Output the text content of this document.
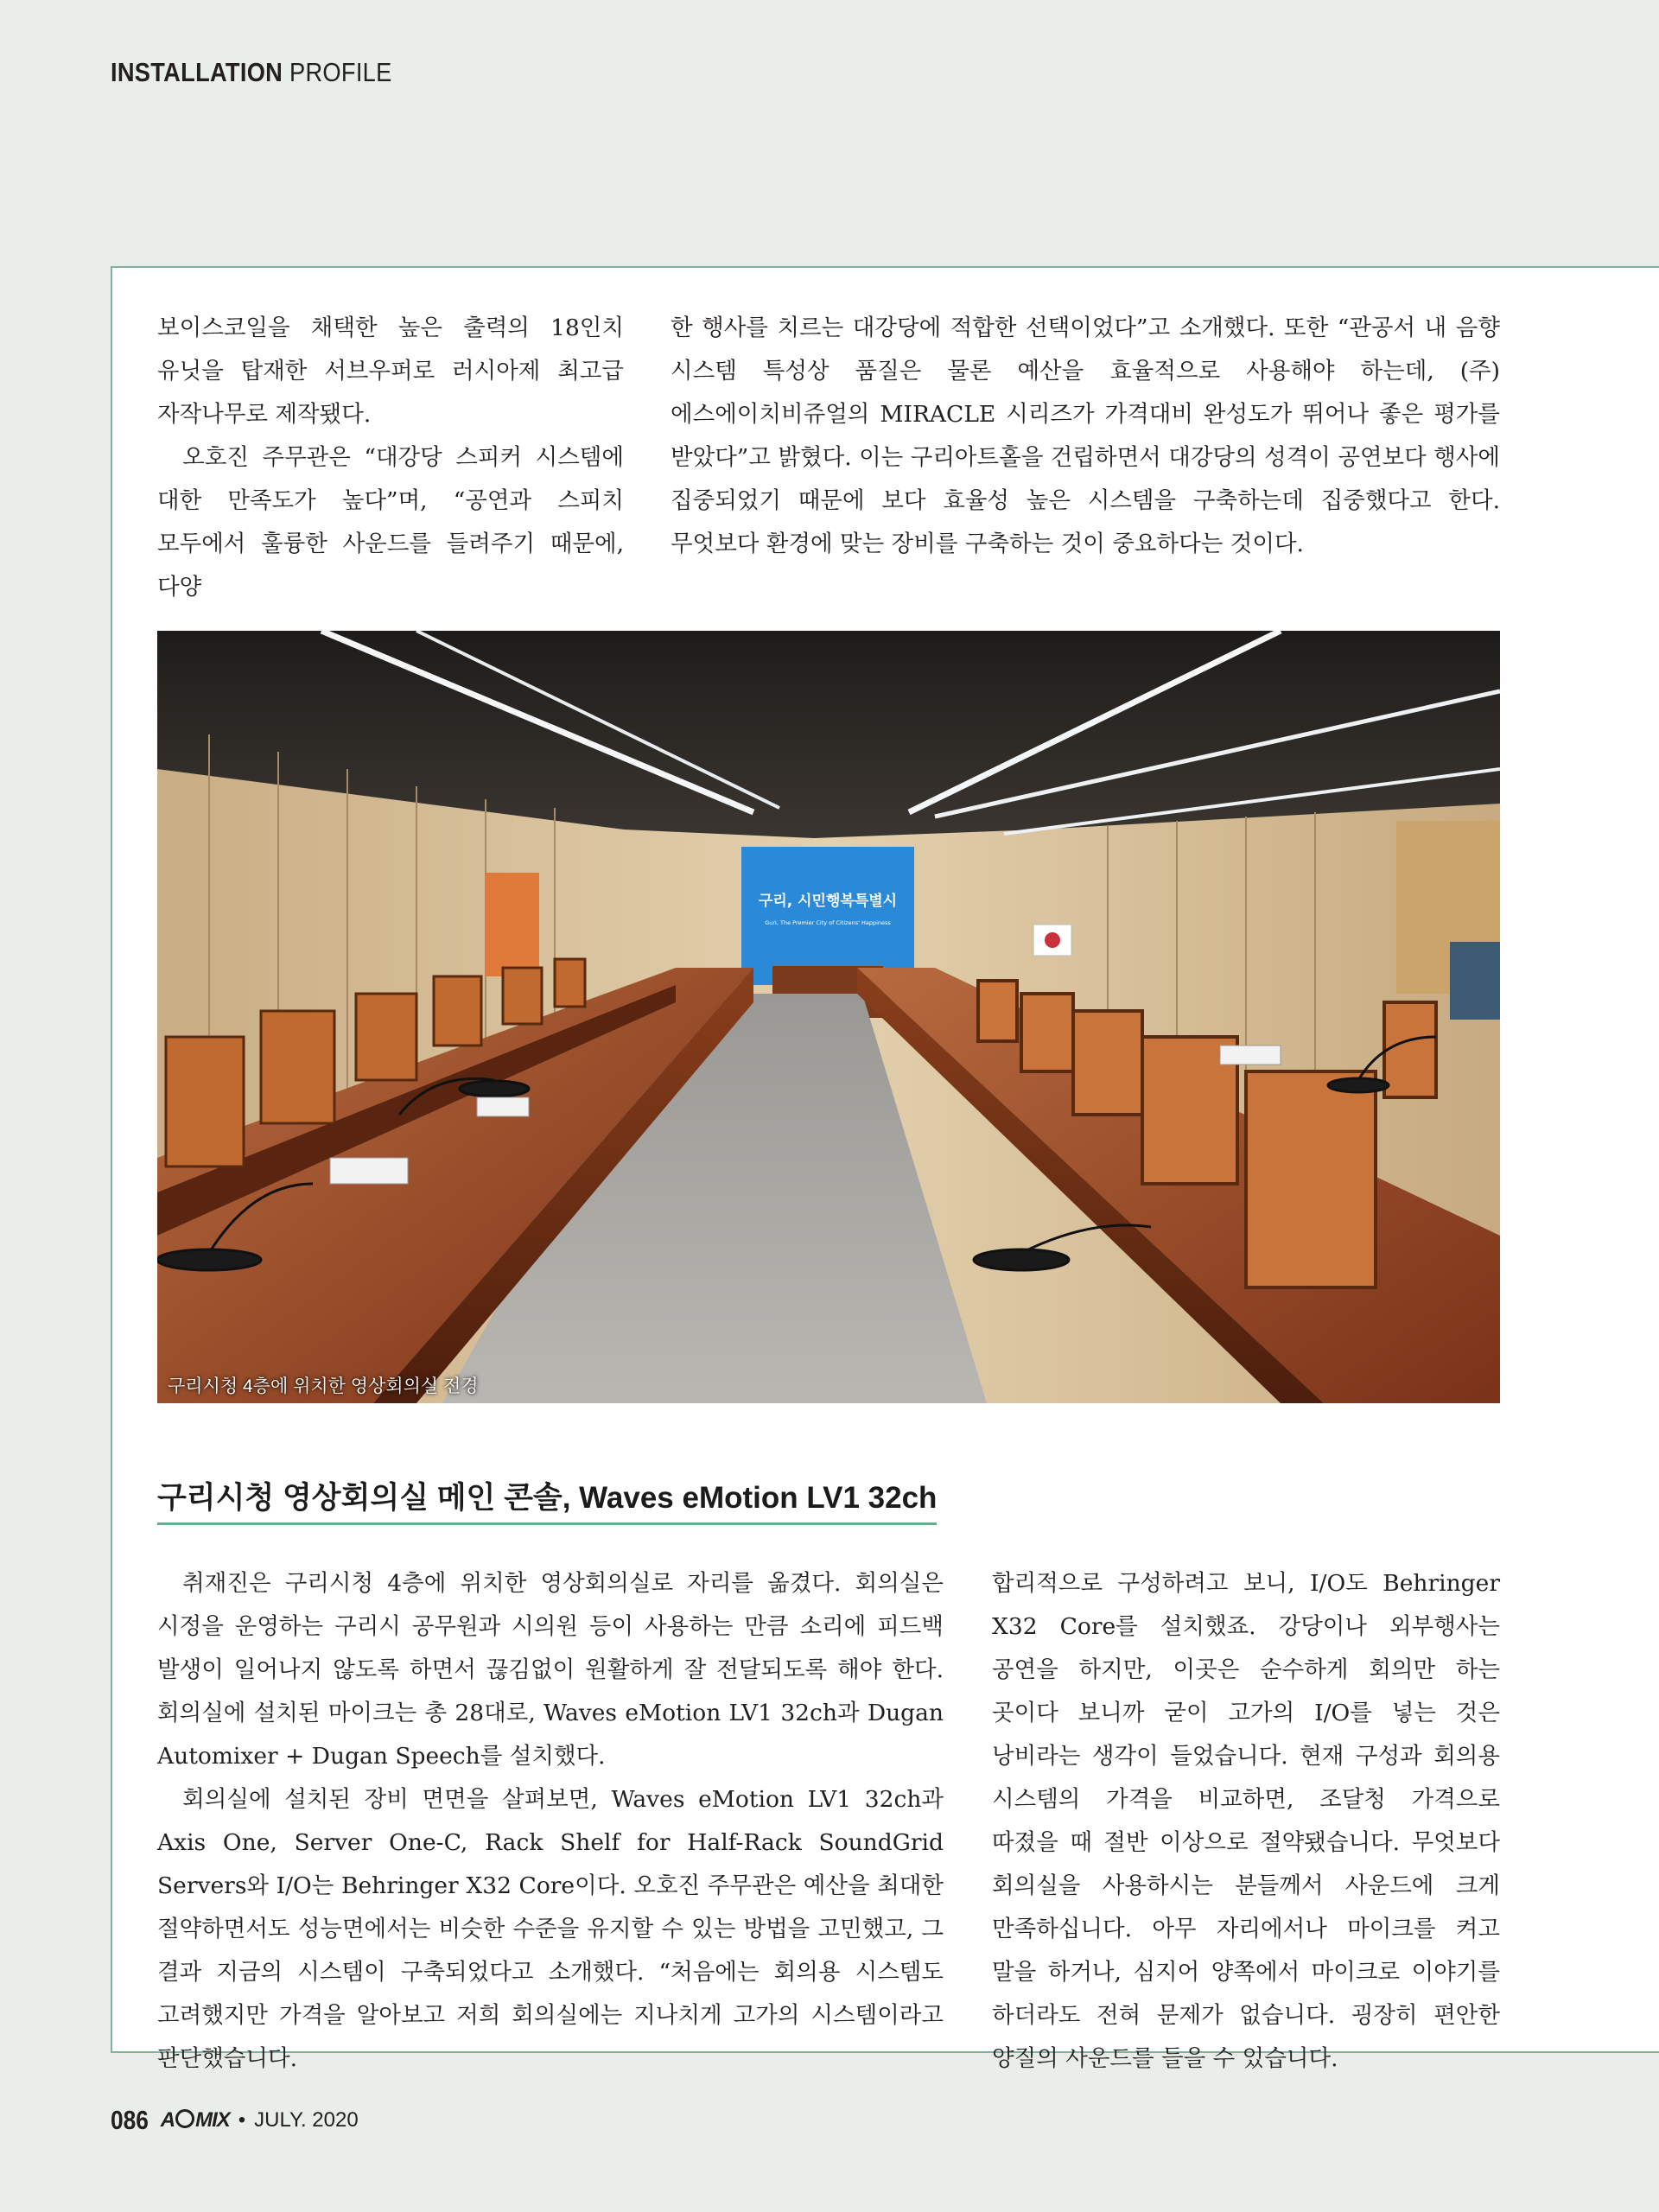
INSTALLATION PROFILE

보이스코일을 채택한 높은 출력의 18인치 유닛을 탑재한 서브우퍼로 러시아제 최고급 자작나무로 제작됐다.

오호진 주무관은 “대강당 스피커 시스템에 대한 만족도가 높다”며, “공연과 스피치 모두에서 훌륭한 사운드를 들려주기 때문에, 다양

한 행사를 치르는 대강당에 적합한 선택이었다”고 소개했다. 또한 “관공서 내 음향 시스템 특성상 품질은 물론 예산을 효율적으로 사용해야 하는데, (주)에스에이치비쥬얼의 MIRACLE 시리즈가 가격대비 완성도가 뛰어나 좋은 평가를 받았다”고 밝혔다. 이는 구리아트홀을 건립하면서 대강당의 성격이 공연보다 행사에 집중되었기 때문에 보다 효율성 높은 시스템을 구축하는데 집중했다고 한다. 무엇보다 환경에 맞는 장비를 구축하는 것이 중요하다는 것이다.

구리, 시민행복특별시
Guri, The Premier City of Citizens' Happiness
구리시청 4층에 위치한 영상회의실 전경
구리시청 영상회의실 메인 콘솔, Waves eMotion LV1 32ch

취재진은 구리시청 4층에 위치한 영상회의실로 자리를 옮겼다. 회의실은 시정을 운영하는 구리시 공무원과 시의원 등이 사용하는 만큼 소리에 피드백 발생이 일어나지 않도록 하면서 끊김없이 원활하게 잘 전달되도록 해야 한다. 회의실에 설치된 마이크는 총 28대로, Waves eMotion LV1 32ch과 Dugan Automixer + Dugan Speech를 설치했다.

회의실에 설치된 장비 면면을 살펴보면, Waves eMotion LV1 32ch과 Axis One, Server One-C, Rack Shelf for Half-Rack SoundGrid Servers와 I/O는 Behringer X32 Core이다. 오호진 주무관은 예산을 최대한 절약하면서도 성능면에서는 비슷한 수준을 유지할 수 있는 방법을 고민했고, 그 결과 지금의 시스템이 구축되었다고 소개했다. “처음에는 회의용 시스템도 고려했지만 가격을 알아보고 저희 회의실에는 지나치게 고가의 시스템이라고 판단했습니다.

합리적으로 구성하려고 보니, I/O도 Behringer X32 Core를 설치했죠. 강당이나 외부행사는 공연을 하지만, 이곳은 순수하게 회의만 하는 곳이다 보니까 굳이 고가의 I/O를 넣는 것은 낭비라는 생각이 들었습니다. 현재 구성과 회의용 시스템의 가격을 비교하면, 조달청 가격으로 따졌을 때 절반 이상으로 절약됐습니다. 무엇보다 회의실을 사용하시는 분들께서 사운드에 크게 만족하십니다. 아무 자리에서나 마이크를 켜고 말을 하거나, 심지어 양쪽에서 마이크로 이야기를 하더라도 전혀 문제가 없습니다. 굉장히 편안한 양질의 사운드를 들을 수 있습니다.

086 A MIX • JULY. 2020
